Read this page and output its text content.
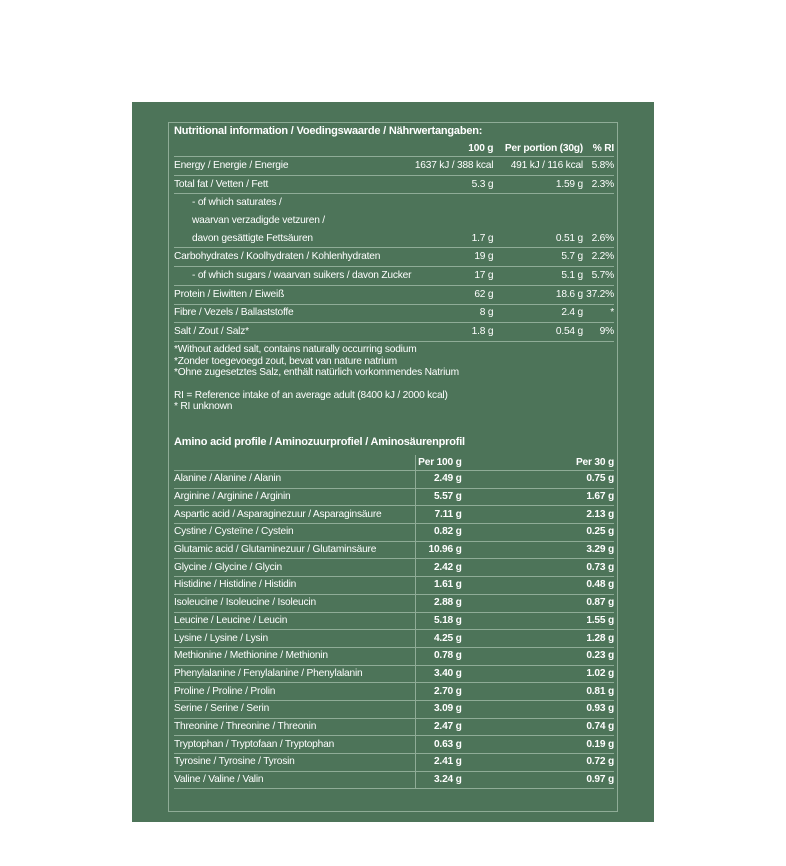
Nutritional information / Voedingswaarde / Nährwertangaben:
	100 g	Per portion (30g)	% RI
Energy / Energie / Energie	1637 kJ / 388 kcal	491 kJ / 116 kcal	5.8%
Total fat / Vetten / Fett	5.3 g	1.59 g	2.3%
- of which saturates /			
waarvan verzadigde vetzuren /			
davon gesättigte Fettsäuren	1.7 g	0.51 g	2.6%
Carbohydrates / Koolhydraten / Kohlenhydraten	19 g	5.7 g	2.2%
- of which sugars / waarvan suikers / davon Zucker	17 g	5.1 g	5.7%
Protein / Eiwitten / Eiweiß	62 g	18.6 g	37.2%
Fibre / Vezels / Ballaststoffe	8 g	2.4 g	*
Salt / Zout / Salz*	1.8 g	0.54 g	9%
*Without added salt, contains naturally occurring sodium
*Zonder toegevoegd zout, bevat van nature natrium
*Ohne zugesetztes Salz, enthält natürlich vorkommendes Natrium
RI = Reference intake of an average adult (8400 kJ / 2000 kcal)
* RI unknown
Amino acid profile / Aminozuurprofiel / Aminosäurenprofil
	Per 100 g	Per 30 g
Alanine / Alanine / Alanin	2.49 g	0.75 g
Arginine / Arginine / Arginin	5.57 g	1.67 g
Aspartic acid / Asparaginezuur / Asparaginsäure	7.11 g	2.13 g
Cystine / Cysteïne / Cystein	0.82 g	0.25 g
Glutamic acid / Glutaminezuur / Glutaminsäure	10.96 g	3.29 g
Glycine / Glycine / Glycin	2.42 g	0.73 g
Histidine / Histidine / Histidin	1.61 g	0.48 g
Isoleucine / Isoleucine / Isoleucin	2.88 g	0.87 g
Leucine / Leucine / Leucin	5.18 g	1.55 g
Lysine / Lysine / Lysin	4.25 g	1.28 g
Methionine / Methionine / Methionin	0.78 g	0.23 g
Phenylalanine / Fenylalanine / Phenylalanin	3.40 g	1.02 g
Proline / Proline / Prolin	2.70 g	0.81 g
Serine / Serine / Serin	3.09 g	0.93 g
Threonine / Threonine / Threonin	2.47 g	0.74 g
Tryptophan / Tryptofaan / Tryptophan	0.63 g	0.19 g
Tyrosine / Tyrosine / Tyrosin	2.41 g	0.72 g
Valine / Valine / Valin	3.24 g	0.97 g
